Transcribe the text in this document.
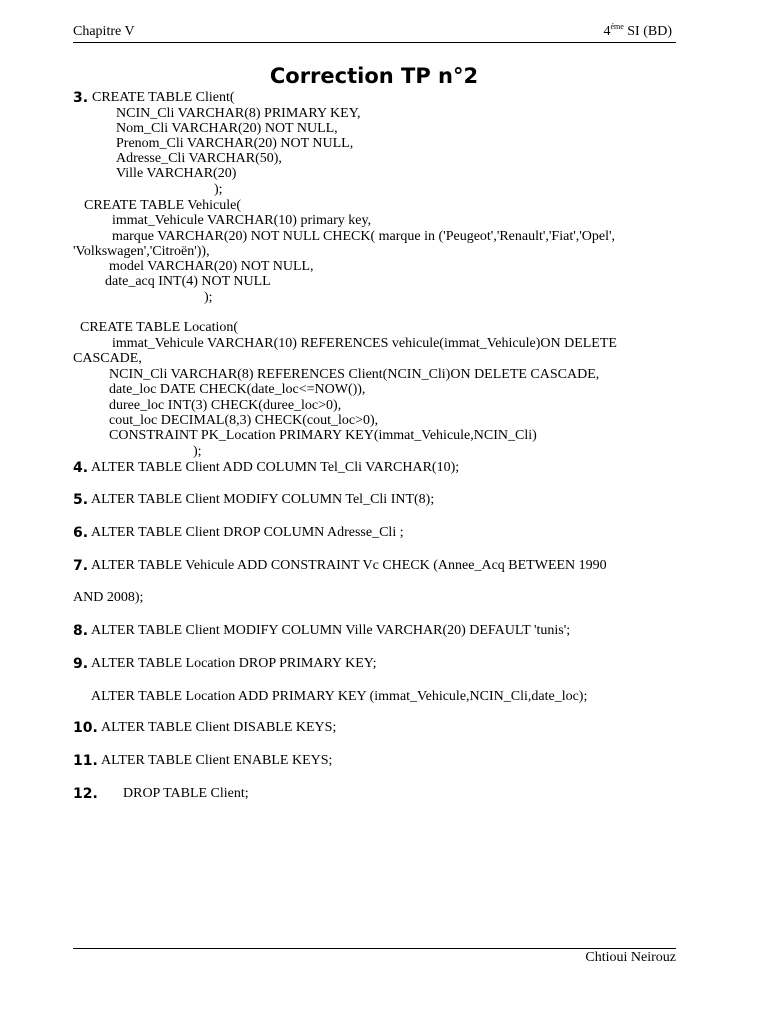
Chapitre V	$4^{éme}$ SI (BD)
Correction TP n°2
3. CREATE TABLE Client(
NCIN_Cli VARCHAR(8) PRIMARY KEY,
Nom_Cli VARCHAR(20) NOT NULL,
Prenom_Cli VARCHAR(20) NOT NULL,
Adresse_Cli VARCHAR(50),
Ville VARCHAR(20)
);
CREATE TABLE Vehicule(
immat_Vehicule VARCHAR(10) primary key,
marque VARCHAR(20) NOT NULL CHECK( marque in ('Peugeot','Renault','Fiat','Opel',
'Volkswagen','Citroën')),
model VARCHAR(20) NOT NULL,
date_acq INT(4) NOT NULL
);
CREATE TABLE Location(
immat_Vehicule VARCHAR(10) REFERENCES vehicule(immat_Vehicule)ON DELETE
CASCADE,
NCIN_Cli VARCHAR(8) REFERENCES Client(NCIN_Cli)ON DELETE CASCADE,
date_loc DATE CHECK(date_loc<=NOW()),
duree_loc INT(3) CHECK(duree_loc>0),
cout_loc DECIMAL(8,3) CHECK(cout_loc>0),
CONSTRAINT PK_Location PRIMARY KEY(immat_Vehicule,NCIN_Cli)
);
4. ALTER TABLE Client ADD COLUMN Tel_Cli VARCHAR(10);
5. ALTER TABLE Client MODIFY COLUMN Tel_Cli INT(8);
6. ALTER TABLE Client DROP COLUMN Adresse_Cli ;
7. ALTER TABLE Vehicule ADD CONSTRAINT Vc CHECK (Annee_Acq BETWEEN 1990
AND 2008);
8. ALTER TABLE Client MODIFY COLUMN Ville VARCHAR(20) DEFAULT 'tunis';
9. ALTER TABLE Location DROP PRIMARY KEY;
ALTER TABLE Location ADD PRIMARY KEY (immat_Vehicule,NCIN_Cli,date_loc);
10. ALTER TABLE Client DISABLE KEYS;
11. ALTER TABLE Client ENABLE KEYS;
12. DROP TABLE Client;
Chtioui Neirouz
